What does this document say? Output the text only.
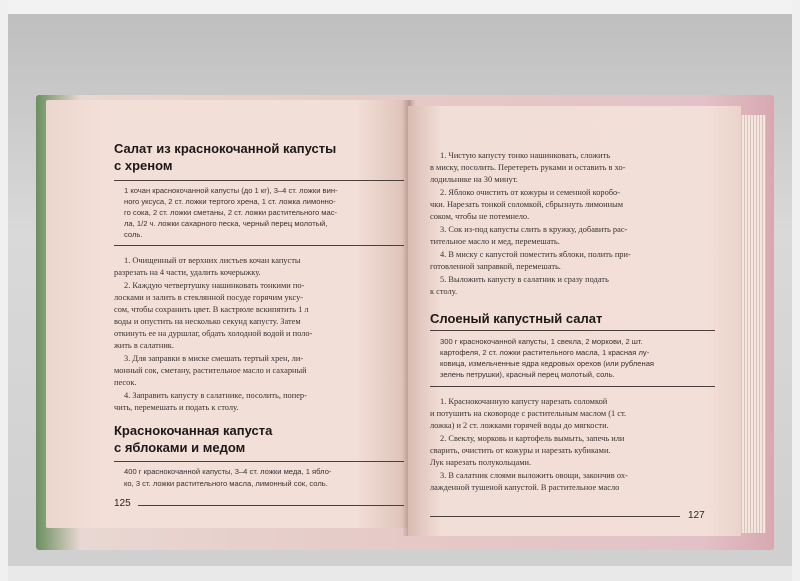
Салат из краснокочанной капусты
с хреном
1 кочан краснокочанной капусты (до 1 кг), 3–4 ст. ложки вин-
ного уксуса, 2 ст. ложки тертого хрена, 1 ст. ложка лимонно-
го сока, 2 ст. ложки сметаны, 2 ст. ложки растительного мас-
ла, 1/2 ч. ложки сахарного песка, черный перец молотый,
соль.
1. Очищенный от верхних листьев кочан капусты
разрезать на 4 части, удалить кочерыжку.
2. Каждую четвертушку нашинковать тонкими по-
лосками и залить в стеклянной посуде горячим уксу-
сом, чтобы сохранить цвет. В кастрюле вскипятить 1 л
воды и опустить на несколько секунд капусту. Затем
откинуть ее на дуршлаг, обдать холодной водой и поло-
жить в салатник.
3. Для заправки в миске смешать тертый хрен, ли-
монный сок, сметану, растительное масло и сахарный
песок.
4. Заправить капусту в салатнике, посолить, попер-
чить, перемешать и подать к столу.
Краснокочанная капуста
с яблоками и медом
400 г краснокочанной капусты, 3–4 ст. ложки меда, 1 ябло-
ко, 3 ст. ложки растительного масла, лимонный сок, соль.
125
1. Чистую капусту тонко нашинковать, сложить
в миску, посолить. Перетереть руками и оставить в хо-
лодильнике на 30 минут.
2. Яблоко очистить от кожуры и семенной коробо-
чки. Нарезать тонкой соломкой, сбрызнуть лимонным
соком, чтобы не потемнело.
3. Сок из-под капусты слить в кружку, добавить рас-
тительное масло и мед, перемешать.
4. В миску с капустой поместить яблоки, полить при-
готовленной заправкой, перемешать.
5. Выложить капусту в салатник и сразу подать
к столу.
Слоеный капустный салат
300 г краснокочанной капусты, 1 свекла, 2 моркови, 2 шт.
картофеля, 2 ст. ложки растительного масла, 1 красная лу-
ковица, измельченные ядра кедровых орехов (или рубленая
зелень петрушки), красный перец молотый, соль.
1. Краснокочанную капусту нарезать соломкой
и потушить на сковороде с растительным маслом (1 ст.
ложка) и 2 ст. ложками горячей воды до мягкости.
2. Свеклу, морковь и картофель вымыть, запечь или
сварить, очистить от кожуры и нарезать кубиками.
Лук нарезать полукольцами.
3. В салатник слоями выложить овощи, закончив ох-
лажденной тушеной капустой. В растительное масло
127
